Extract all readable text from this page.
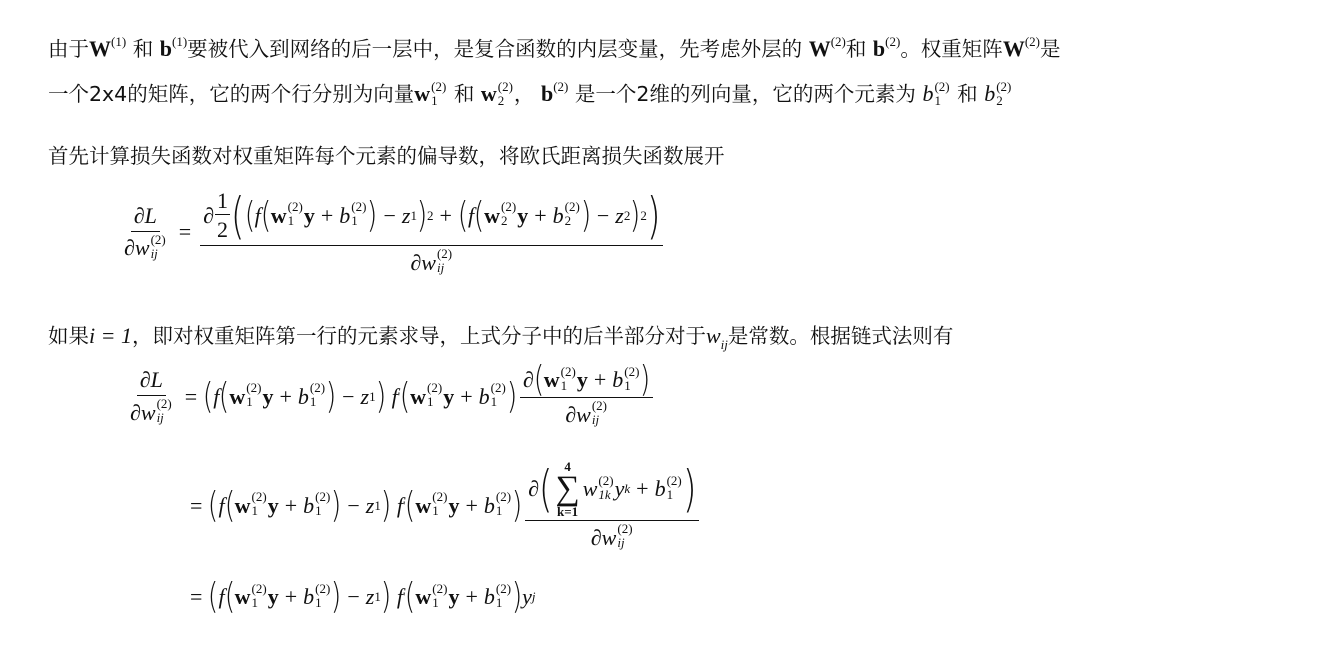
由于$W^{(1)}$ 和 $b^{(1)}$要被代入到网络的后一层中，是复合函数的内层变量，先考虑外层的 $W^{(2)}$和 $b^{(2)}$。权重矩阵$W^{(2)}$是
一个2x4的矩阵，它的两个行分别为向量w (2)
1 和 w (2)
2 ， $b^{(2)}$ 是一个2维的列向量，它的两个元素为 b (2)
1 和 b (2)
2
首先计算损失函数对权重矩阵每个元素的偏导数，将欧氏距离损失函数展开
∂ L
∂ w (2)
ij =
∂ $\frac{1}{2}$ ( ( f ( w (2)
1 y + b (2)
1 ) − z 1 ) 2 + ( f ( w (2)
2 y + b (2)
2 ) − z 2 ) 2 )
∂ w (2)
ij
如果i = 1，即对权重矩阵第一行的元素求导，上式分子中的后半部分对于$w_{ij}$是常数。根据链式法则有
∂ L
∂ w (2)
ij = ( f ( w (2)
1 y + b (2)
1 ) − z 1 ) f ' ( w (2)
1 y + b (2)
1 ) ∂ ( w (2)
1 y + b (2)
1 )
∂ w (2)
ij
= ( f ( w (2)
1 y + b (2)
1 ) − z 1 ) f ' ( w (2)
1 y + b (2)
1 ) ∂ ( 4
∑
k=1
w (2)
1k y k + b (2)
1 )
∂ w (2)
ij
= ( f ( w (2)
1 y + b (2)
1 ) − z 1 ) f ' ( w (2)
1 y + b (2)
1 ) y j
